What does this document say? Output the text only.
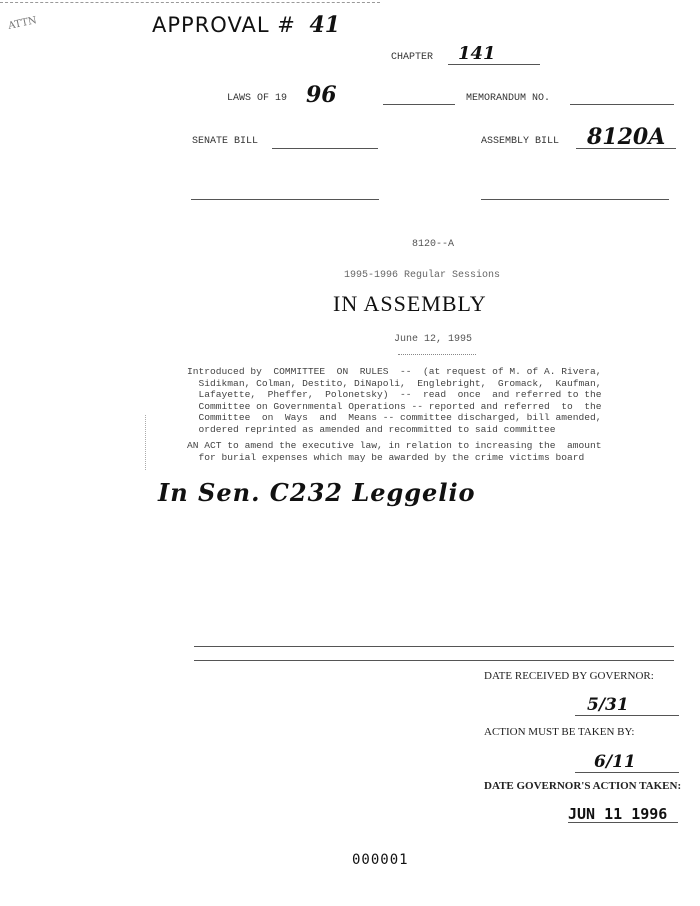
ATTN	APPROVAL # 41
CHAPTER 141
LAWS OF 19 96	MEMORANDUM NO.
SENATE BILL	ASSEMBLY BILL 8120A
8120--A
1995-1996 Regular Sessions
IN ASSEMBLY
June 12, 1995
Introduced by  COMMITTEE  ON  RULES  --  (at request of M. of A. Rivera,
Sidikman, Colman, Destito, DiNapoli,  Englebright,  Gromack,  Kaufman,
Lafayette,  Pheffer,  Polonetsky)  --  read  once  and referred to the
Committee on Governmental Operations -- reported and referred  to  the
Committee  on  Ways  and  Means -- committee discharged, bill amended,
ordered reprinted as amended and recommitted to said committee
AN ACT to amend the executive law, in relation to increasing the  amount
for burial expenses which may be awarded by the crime victims board
In Sen. C232 Leggelio
DATE RECEIVED BY GOVERNOR:
5/31
ACTION MUST BE TAKEN BY:
6/11
DATE GOVERNOR'S ACTION TAKEN:
JUN 11 1996
000001
